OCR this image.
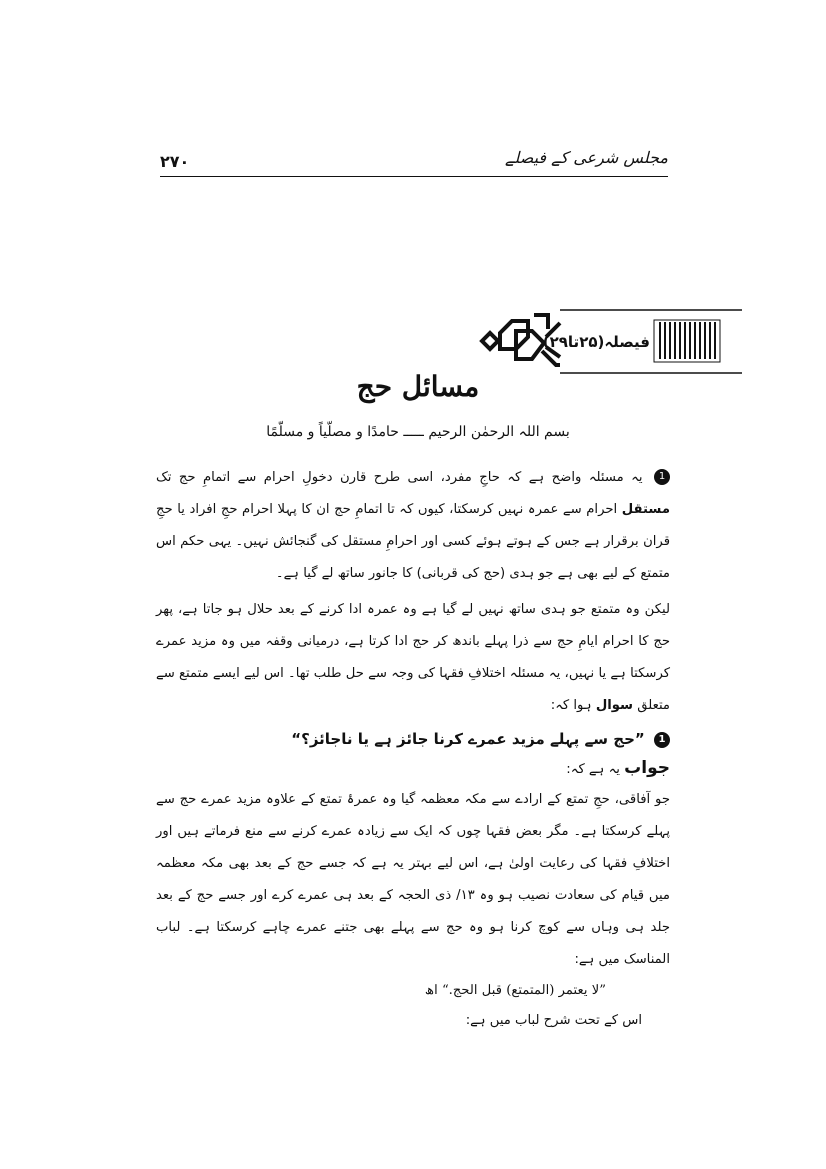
مجلس شرعی کے فیصلے
۲۷۰
فیصلہ(۲۵تا۲۹)
مسائل حج
بسم اللہ الرحمٰن الرحیم ـــــ حامدًا و مصلّیاً و مسلّمًا

1 یہ مسئلہ واضح ہے کہ حاجِ مفرد، اسی طرح قارن دخولِ احرام سے اتمامِ حج تک مستقل احرام سے عمرہ نہیں کرسکتا، کیوں کہ تا اتمامِ حج ان کا پہلا احرام حجِ افراد یا حجِ قران برقرار ہے جس کے ہوتے ہوئے کسی اور احرامِ مستقل کی گنجائش نہیں۔ یہی حکم اس متمتع کے لیے بھی ہے جو ہدی (حج کی قربانی) کا جانور ساتھ لے گیا ہے۔

لیکن وہ متمتع جو ہدی ساتھ نہیں لے گیا ہے وہ عمرہ ادا کرنے کے بعد حلال ہو جاتا ہے، پھر حج کا احرام ایامِ حج سے ذرا پہلے باندھ کر حج ادا کرتا ہے، درمیانی وقفہ میں وہ مزید عمرے کرسکتا ہے یا نہیں، یہ مسئلہ اختلافِ فقہا کی وجہ سے حل طلب تھا۔ اس لیے ایسے متمتع سے متعلق سوال ہوا کہ:

1 ”حج سے پہلے مزید عمرے کرنا جائز ہے یا ناجائز؟“

جواب یہ ہے کہ:

جو آفاقی، حجِ تمتع کے ارادے سے مکہ معظمہ گیا وہ عمرۂ تمتع کے علاوہ مزید عمرے حج سے پہلے کرسکتا ہے۔ مگر بعض فقہا چوں کہ ایک سے زیادہ عمرے کرنے سے منع فرماتے ہیں اور اختلافِ فقہا کی رعایت اولیٰ ہے، اس لیے بہتر یہ ہے کہ جسے حج کے بعد بھی مکہ معظمہ میں قیام کی سعادت نصیب ہو وہ ۱۳/ ذی الحجہ کے بعد ہی عمرے کرے اور جسے حج کے بعد جلد ہی وہاں سے کوچ کرنا ہو وہ حج سے پہلے بھی جتنے عمرے چاہے کرسکتا ہے۔ لباب المناسک میں ہے:

”لا يعتمر (المتمتع) قبل الحج.“ اھ

اس کے تحت شرح لباب میں ہے:
